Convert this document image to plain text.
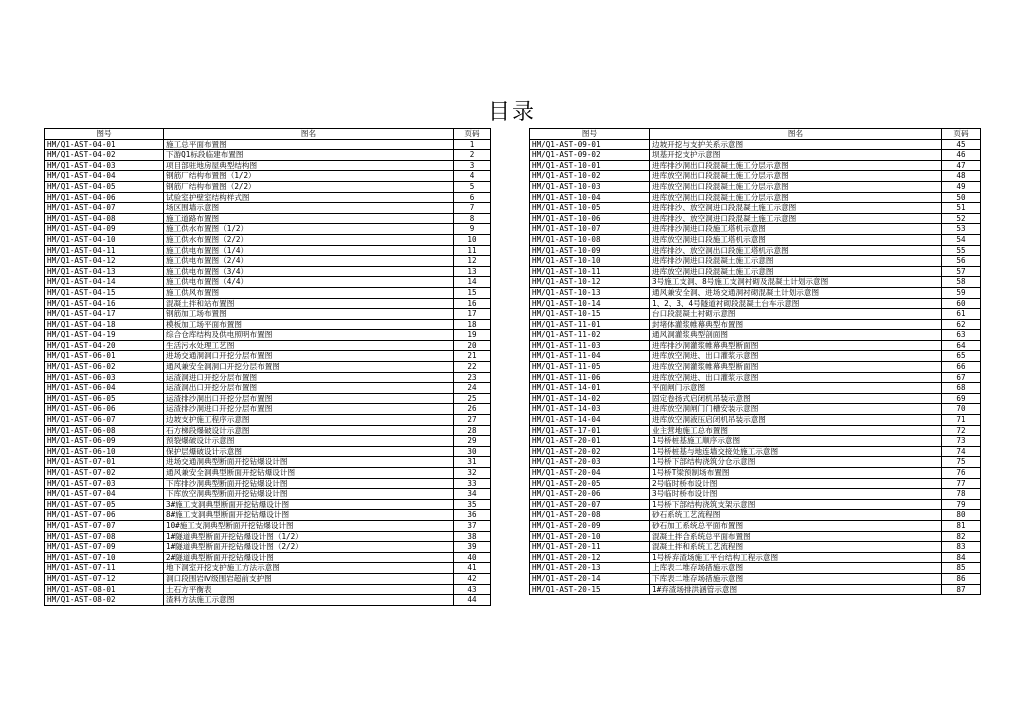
目录
图号	图名	页码
HM/Q1-AST-04-01	施工总平面布置图	1
HM/Q1-AST-04-02	下游Q1标段临建布置图	2
HM/Q1-AST-04-03	项目部驻地房屋典型结构图	3
HM/Q1-AST-04-04	钢筋厂结构布置图（1/2）	4
HM/Q1-AST-04-05	钢筋厂结构布置图（2/2）	5
HM/Q1-AST-04-06	试验室护壁室结构样式图	6
HM/Q1-AST-04-07	场区围墙示意图	7
HM/Q1-AST-04-08	施工道路布置图	8
HM/Q1-AST-04-09	施工供水布置图（1/2）	9
HM/Q1-AST-04-10	施工供水布置图（2/2）	10
HM/Q1-AST-04-11	施工供电布置图（1/4）	11
HM/Q1-AST-04-12	施工供电布置图（2/4）	12
HM/Q1-AST-04-13	施工供电布置图（3/4）	13
HM/Q1-AST-04-14	施工供电布置图（4/4）	14
HM/Q1-AST-04-15	施工供风布置图	15
HM/Q1-AST-04-16	混凝土拌和站布置图	16
HM/Q1-AST-04-17	钢筋加工场布置图	17
HM/Q1-AST-04-18	模板加工场平面布置图	18
HM/Q1-AST-04-19	综合仓库结构及供电照明布置图	19
HM/Q1-AST-04-20	生活污水处理工艺图	20
HM/Q1-AST-06-01	进场交通洞洞口开挖分层布置图	21
HM/Q1-AST-06-02	通风兼安全洞洞口开挖分层布置图	22
HM/Q1-AST-06-03	运渣洞进口开挖分层布置图	23
HM/Q1-AST-06-04	运渣洞出口开挖分层布置图	24
HM/Q1-AST-06-05	运渣排沙洞出口开挖分层布置图	25
HM/Q1-AST-06-06	运渣排沙洞进口开挖分层布置图	26
HM/Q1-AST-06-07	边坡支护施工程序示意图	27
HM/Q1-AST-06-08	石方梯段爆破设计示意图	28
HM/Q1-AST-06-09	预裂爆破设计示意图	29
HM/Q1-AST-06-10	保护层爆破设计示意图	30
HM/Q1-AST-07-01	进场交通洞典型断面开挖钻爆设计图	31
HM/Q1-AST-07-02	通风兼安全洞典型断面开挖钻爆设计图	32
HM/Q1-AST-07-03	下库排沙洞典型断面开挖钻爆设计图	33
HM/Q1-AST-07-04	下库放空洞典型断面开挖钻爆设计图	34
HM/Q1-AST-07-05	3#施工支洞典型断面开挖钻爆设计图	35
HM/Q1-AST-07-06	8#施工支洞典型断面开挖钻爆设计图	36
HM/Q1-AST-07-07	10#施工支洞典型断面开挖钻爆设计图	37
HM/Q1-AST-07-08	1#隧道典型断面开挖钻爆设计图（1/2）	38
HM/Q1-AST-07-09	1#隧道典型断面开挖钻爆设计图（2/2）	39
HM/Q1-AST-07-10	2#隧道典型断面开挖钻爆设计图	40
HM/Q1-AST-07-11	地下洞室开挖支护施工方法示意图	41
HM/Q1-AST-07-12	洞口段围岩Ⅳ级围岩超前支护图	42
HM/Q1-AST-08-01	土石方平衡表	43
HM/Q1-AST-08-02	渣料方法施工示意图	44
图号	图名	页码
HM/Q1-AST-09-01	边坡开挖与支护关系示意图	45
HM/Q1-AST-09-02	坝基开挖支护示意图	46
HM/Q1-AST-10-01	进库排沙洞出口段混凝土施工分层示意图	47
HM/Q1-AST-10-02	进库放空洞出口段混凝土施工分层示意图	48
HM/Q1-AST-10-03	进库放空洞出口段混凝土施工分层示意图	49
HM/Q1-AST-10-04	进库放空洞出口段混凝土施工分层示意图	50
HM/Q1-AST-10-05	进库排沙、放空洞进口段混凝土施工示意图	51
HM/Q1-AST-10-06	进库排沙、放空洞进口段混凝土施工示意图	52
HM/Q1-AST-10-07	进库排沙洞进口段施工塔机示意图	53
HM/Q1-AST-10-08	进库放空洞进口段施工塔机示意图	54
HM/Q1-AST-10-09	进库排沙、放空洞出口段施工塔机示意图	55
HM/Q1-AST-10-10	进库排沙洞进口段混凝土施工示意图	56
HM/Q1-AST-10-11	进库放空洞进口段混凝土施工示意图	57
HM/Q1-AST-10-12	3号施工支洞、8号施工支洞衬砌及混凝土计划示意图	58
HM/Q1-AST-10-13	通风兼安全洞、进场交通洞衬砌混凝土计划示意图	59
HM/Q1-AST-10-14	1、2、3、4号隧道衬砌段混凝土台车示意图	60
HM/Q1-AST-10-15	台口段混凝土衬砌示意图	61
HM/Q1-AST-11-01	封堵体灌浆帷幕典型布置图	62
HM/Q1-AST-11-02	通风洞灌浆典型剖面图	63
HM/Q1-AST-11-03	进库排沙洞灌浆帷幕典型断面图	64
HM/Q1-AST-11-04	进库放空洞进、出口灌浆示意图	65
HM/Q1-AST-11-05	进库放空洞灌浆帷幕典型断面图	66
HM/Q1-AST-11-06	进库放空洞进、出口灌浆示意图	67
HM/Q1-AST-14-01	平面闸门示意图	68
HM/Q1-AST-14-02	固定卷扬式启闭机吊装示意图	69
HM/Q1-AST-14-03	进库放空洞闸门门槽安装示意图	70
HM/Q1-AST-14-04	进库放空洞液压启闭机吊装示意图	71
HM/Q1-AST-17-01	业主营地施工总布置图	72
HM/Q1-AST-20-01	1号桥桩基施工顺序示意图	73
HM/Q1-AST-20-02	1号桥桩基与地连墙交接处施工示意图	74
HM/Q1-AST-20-03	1号桥下部结构浇筑分仓示意图	75
HM/Q1-AST-20-04	1号桥T梁预制场布置图	76
HM/Q1-AST-20-05	2号临时桥布设计图	77
HM/Q1-AST-20-06	3号临时桥布设计图	78
HM/Q1-AST-20-07	1号桥下部结构浇筑支架示意图	79
HM/Q1-AST-20-08	砂石系统工艺流程图	80
HM/Q1-AST-20-09	砂石加工系统总平面布置图	81
HM/Q1-AST-20-10	混凝土拌合系统总平面布置图	82
HM/Q1-AST-20-11	混凝土拌和系统工艺流程图	83
HM/Q1-AST-20-12	1号桥弃渣场施工平台结构工程示意图	84
HM/Q1-AST-20-13	上库表二堆存场措施示意图	85
HM/Q1-AST-20-14	下库表二堆存场措施示意图	86
HM/Q1-AST-20-15	1#弃渣场排洪涵管示意图	87
